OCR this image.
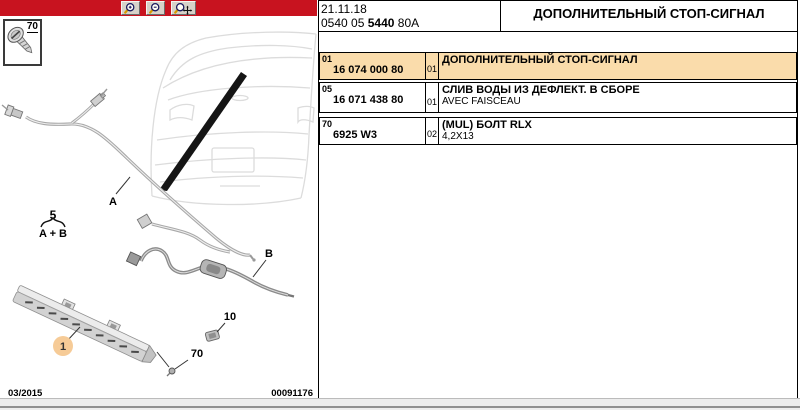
A
B
5
A + B
1
10
70
03/2015	00091176
70
21.11.18
0540 05 5440 80A
ДОПОЛНИТЕЛЬНЫЙ СТОП-СИГНАЛ
01
16 074 000 80	01
ДОПОЛНИТЕЛЬНЫЙ СТОП-СИГНАЛ
05
16 071 438 80	01
СЛИВ ВОДЫ ИЗ ДЕФЛЕКТ. В СБОРЕ
AVEC FAISCEAU
70
6925 W3	02
(MUL) БОЛТ RLX
4,2X13
